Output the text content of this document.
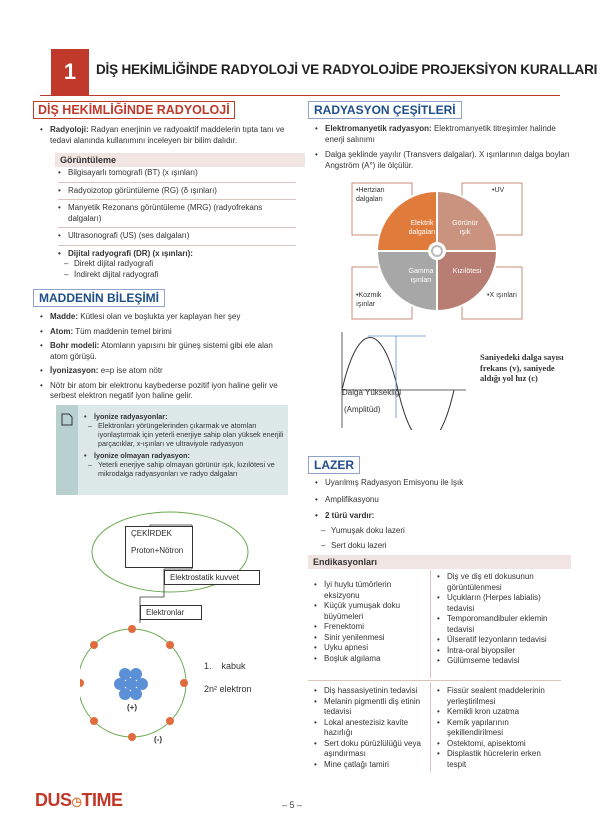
1	DİŞ HEKİMLİĞİNDE RADYOLOJİ VE RADYOLOJİDE PROJEKSİYON KURALLARI
DİŞ HEKİMLİĞİNDE RADYOLOJİ
• Radyoloji: Radyan enerjinin ve radyoaktif maddelerin tıpta tanı ve tedavi alanında kullanımını inceleyen bir bilim dalıdır.
Görüntüleme
• Bilgisayarlı tomografi (BT) (x ışınları)
• Radyoizotop görüntüleme (RG) (δ ışınları)
• Manyetik Rezonans görüntüleme (MRG) (radyofrekans dalgaları)
• Ultrasonografi (US) (ses dalgaları)
• Dijital radyografi (DR) (x ışınları):
– Direkt dijital radyografi
– İndirekt dijital radyografi
MADDENİN BİLEŞİMİ
• Madde: Kütlesi olan ve boşlukta yer kaplayan her şey
• Atom: Tüm maddenin temel birimi
• Bohr modeli: Atomların yapısını bir güneş sistemi gibi ele alan atom görüşü.
• İyonizasyon: e=p ise atom nötr
• Nötr bir atom bir elektronu kaybederse pozitif iyon haline gelir ve serbest elektron negatif iyon haline gelir.
• İyonize radyasyonlar:
– Elektronları yörüngelerinden çıkarmak ve atomları iyonlaştırmak için yeterli enerjiye sahip olan yüksek enerjili parçacıklar, x-ışınları ve ultraviyole radyasyon
• İyonize olmayan radyasyon:
– Yeterli enerjiye sahip olmayan görünür ışık, kızılötesi ve mikrodalga radyasyonları ve radyo dalgaları
ÇEKİRDEK
Proton+Nötron
Elektrostatik kuvvet
Elektronlar
1.    kabuk
2n² elektron
(+)
(-)
RADYASYON ÇEŞİTLERİ
• Elektromanyetik radyasyon: Elektromanyetik titreşimler halinde enerji salınımı
• Dalga şeklinde yayılır (Transvers dalgalar). X ışınlarının dalga boyları Angström (A°) ile ölçülür.
•Hertzian dalgaları
•UV
•Kozmik ışınlar
•X ışınları
Elektrik dalgaları
Görünür ışık
Gamma ışınları
Kızılötesi
Saniyedeki dalga sayısı frekans (v), saniyede aldığı yol hız (c)
Dalga Yüksekliği
(Amplitüd)
LAZER
• Uyarılmış Radyasyon Emisyonu ile Işık
• Amplifikasyonu
• 2 türü vardır:
– Yumuşak doku lazeri
– Sert doku lazeri
Endikasyonları
• İyi huylu tümörlerin eksizyonu
• Küçük yumuşak doku büyümeleri
• Frenektomi
• Sinir yenilenmesi
• Uyku apnesi
• Boşluk algılama
• Diş ve diş eti dokusunun görüntülenmesi
• Uçukların (Herpes labialis) tedavisi
• Temporomandibuler eklemin tedavisi
• Ülseratif lezyonların tedavisi
• İntra-oral biyopsiler
• Gülümseme tedavisi
• Diş hassasiyetinin tedavisi
• Melanin pigmentli diş etinin tedavisi
• Lokal anestezisiz kavite hazırlığı
• Sert doku pürüzlülüğü veya aşındırması
• Mine çatlağı tamiri
• Fissür sealent maddelerinin yerleştirilmesi
• Kemikli kron uzatma
• Kemik yapılarının şekillendirilmesi
• Ostektomi, apisektomi
• Displastik hücrelerin erken tespit
DUS◷TIME	– 5 –
